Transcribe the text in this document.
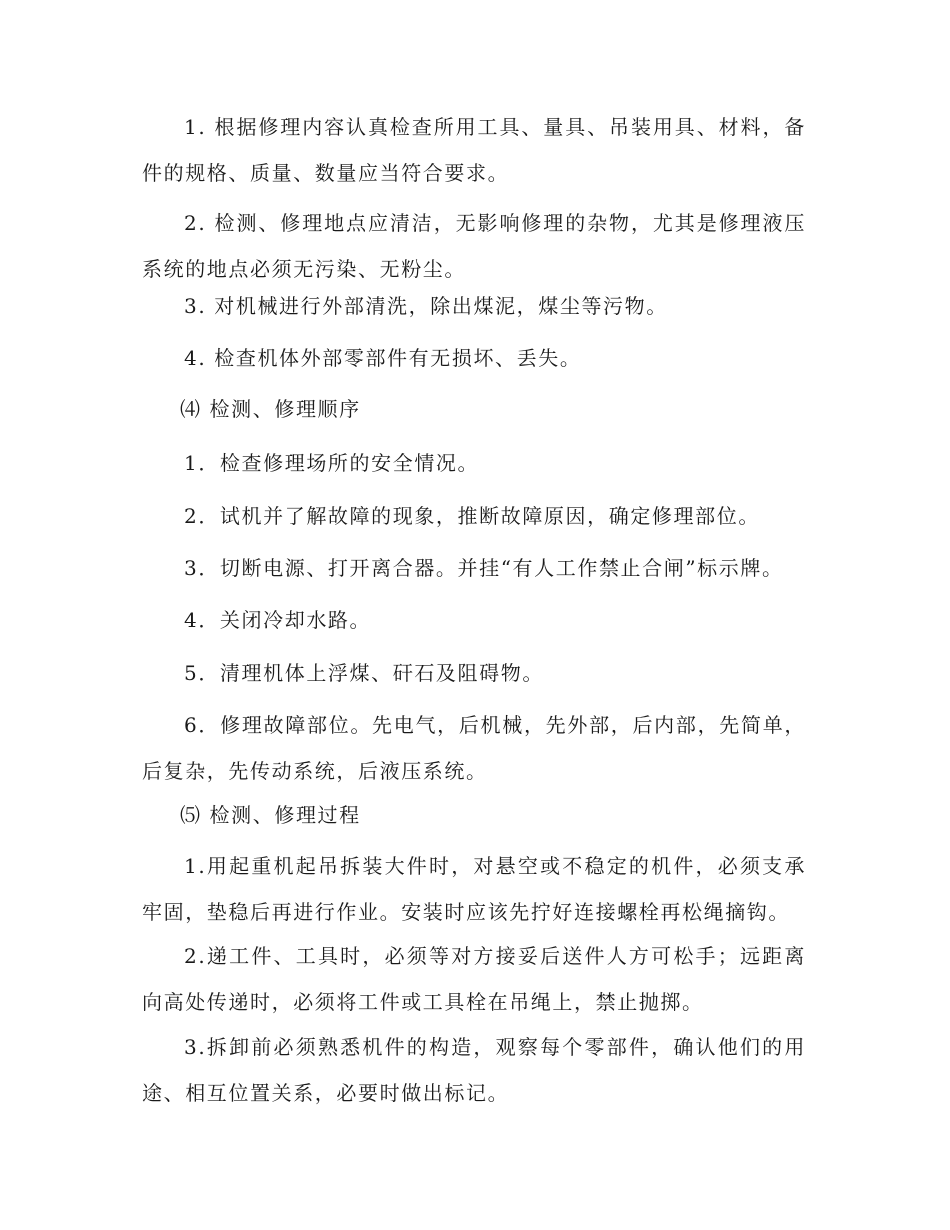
1. 根据修理内容认真检查所用工具、量具、吊装用具、材料，备件的规格、质量、数量应当符合要求。

2. 检测、修理地点应清洁，无影响修理的杂物，尤其是修理液压系统的地点必须无污染、无粉尘。

3. 对机械进行外部清洗，除出煤泥，煤尘等污物。

4. 检查机体外部零部件有无损坏、丢失。

⑷ 检测、修理顺序

1．检查修理场所的安全情况。

2．试机并了解故障的现象，推断故障原因，确定修理部位。

3．切断电源、打开离合器。并挂“有人工作禁止合闸”标示牌。

4．关闭冷却水路。

5．清理机体上浮煤、矸石及阻碍物。

6．修理故障部位。先电气，后机械，先外部，后内部，先简单，后复杂，先传动系统，后液压系统。

⑸ 检测、修理过程

1.用起重机起吊拆装大件时，对悬空或不稳定的机件，必须支承牢固，垫稳后再进行作业。安装时应该先拧好连接螺栓再松绳摘钩。

2.递工件、工具时，必须等对方接妥后送件人方可松手；远距离向高处传递时，必须将工件或工具栓在吊绳上，禁止抛掷。

3.拆卸前必须熟悉机件的构造，观察每个零部件，确认他们的用途、相互位置关系，必要时做出标记。
